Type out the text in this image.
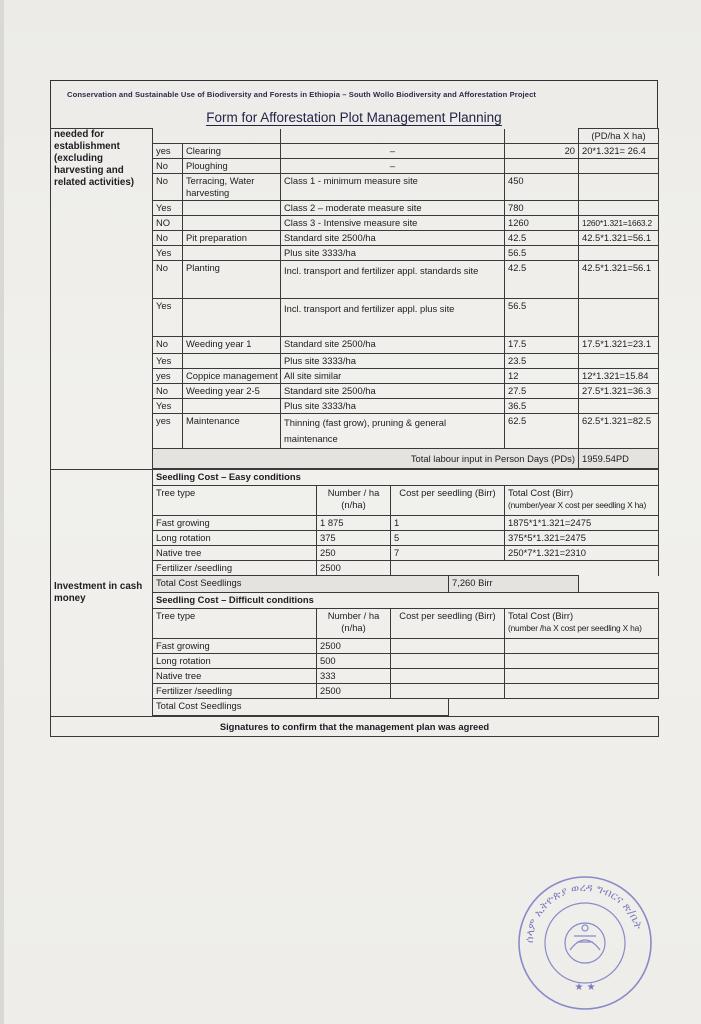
Conservation and Sustainable Use of Biodiversity and Forests in Ethiopia – South Wollo Biodiversity and Afforestation Project
Form for Afforestation Plot Management Planning
needed for establishment (excluding harvesting and related activities)								(PD/ha X ha)
	yes	Clearing	–				20	20*1.321= 26.4
	No	Ploughing	–					
	No	Terracing, Water harvesting	Class 1 - minimum measure site				450	
	Yes		Class 2 – moderate measure site				780	
	NO		Class 3 - Intensive measure site				1260	1260*1.321=1663.2
	No	Pit preparation	Standard site 2500/ha				42.5	42.5*1.321=56.1
	Yes		Plus site 3333/ha				56.5	
	No	Planting	Incl. transport and fertilizer appl. standards site				42.5	42.5*1.321=56.1
	Yes		Incl. transport and fertilizer appl. plus site				56.5	
	No	Weeding year 1	Standard site 2500/ha				17.5	17.5*1.321=23.1
	Yes		Plus site 3333/ha				23.5	
	yes	Coppice management	All site similar				12	12*1.321=15.84
	No	Weeding year 2-5	Standard site 2500/ha				27.5	27.5*1.321=36.3
	Yes		Plus site 3333/ha				36.5	
	yes	Maintenance	Thinning (fast grow), pruning & general maintenance				62.5	62.5*1.321=82.5
	Total labour input in Person Days (PDs)							1959.54PD

Investment in cash money	Seedling Cost – Easy conditions							
	Tree type			Number / ha (n/ha)	Cost per seedling (Birr)		Total Cost (Birr)
(number/year X cost per seedling X ha)	
	Fast growing			1 875	1		1875*1*1.321=2475	
	Long rotation			375	5		375*5*1.321=2475	
	Native tree			250	7		250*7*1.321=2310	
	Fertilizer /seedling			2500				
	Total Cost Seedlings					7,260 Birr		
	Seedling Cost – Difficult conditions							
	Tree type			Number / ha (n/ha)	Cost per seedling (Birr)		Total Cost (Birr)
(number /ha X cost per seedling X ha)	
	Fast growing			2500				
	Long rotation			500				
	Native tree			333				
	Fertilizer /seedling			2500				
	Total Cost Seedlings							

Signatures to confirm that the management plan was agreed								
ሰላም ኢትዮጵያ ወረዳ ግብርና ጽ/ቤት
★ ★
